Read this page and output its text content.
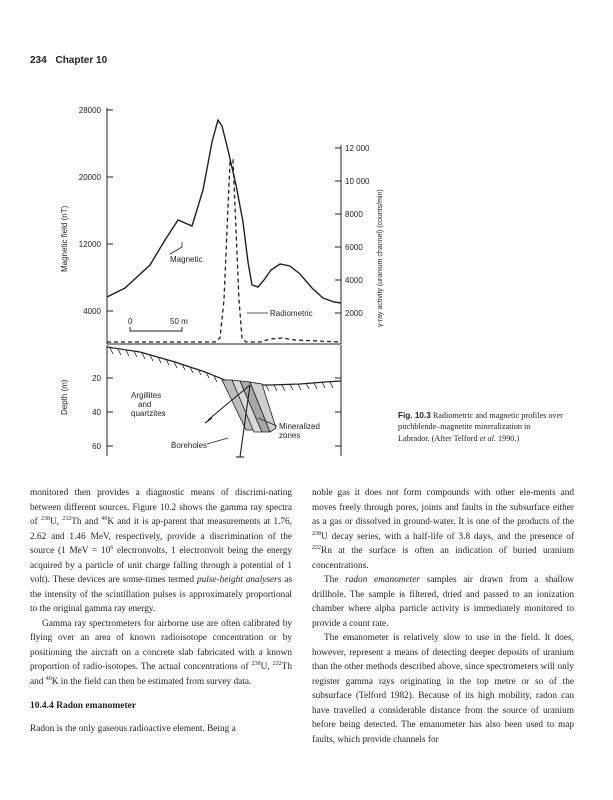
234 Chapter 10
28000
20000
12000
4000
Magnetic field (nT)
12 000
10 000
8000
6000
4000
2000 γ-ray activity (uranium channel) (counts/min)
Magnetic
Radiometric
0	50 m
20
40
60
Depth (m)	Argillites
and
quartzites
Mineralized
zones
Boreholes
Fig. 10.3 Radiometric and magnetic profiles over pitchblende–magnetite mineralization in Labrador. (After Telford et al. 1990.)

monitored then provides a diagnostic means of discrimi-nating between different sources. Figure 10.2 shows the gamma ray spectra of $^{238}$U, $^{232}$Th and $^{40}$K and it is ap-parent that measurements at 1.76, 2.62 and 1.46 MeV, respectively, provide a discrimination of the source (1 MeV = $10^6$ electronvolts, 1 electronvolt being the energy acquired by a particle of unit charge falling through a potential of 1 volt). These devices are some-times termed pulse-height analysers as the intensity of the scintillation pulses is approximately proportional to the original gamma ray energy.

Gamma ray spectrometers for airborne use are often calibrated by flying over an area of known radioisotope concentration or by positioning the aircraft on a concrete slab fabricated with a known proportion of radio-isotopes. The actual concentrations of $^{238}$U, $^{232}$Th and $^{40}$K in the field can then be estimated from survey data.

10.4.4 Radon emanometer

Radon is the only gaseous radioactive element. Being a

noble gas it does not form compounds with other ele-ments and moves freely through pores, joints and faults in the subsurface either as a gas or dissolved in ground-water. It is one of the products of the $^{238}$U decay series, with a half-life of 3.8 days, and the presence of $^{222}$Rn at the surface is often an indication of buried uranium concentrations.

The radon emanometer samples air drawn from a shallow drillhole. The sample is filtered, dried and passed to an ionization chamber where alpha particle activity is immediately monitored to provide a count rate.

The emanometer is relatively slow to use in the field. It does, however, represent a means of detecting deeper deposits of uranium than the other methods described above, since spectrometers will only register gamma rays originating in the top metre or so of the subsurface (Telford 1982). Because of its high mobility, radon can have travelled a considerable distance from the source of uranium before being detected. The emanometer has also been used to map faults, which provide channels for
